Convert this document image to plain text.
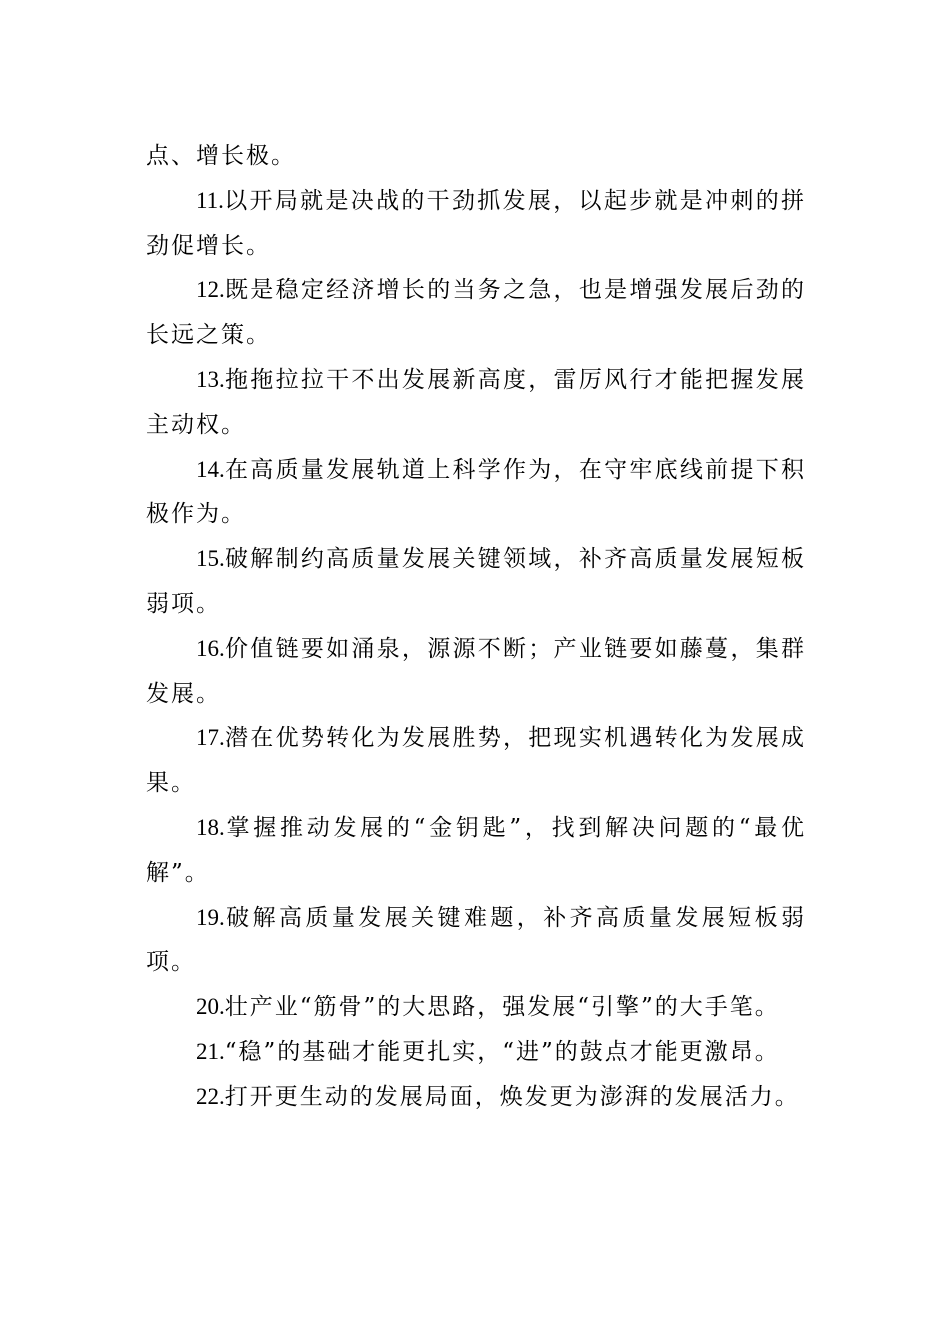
点、增长极。

11.以开局就是决战的干劲抓发展，以起步就是冲刺的拼劲促增长。

12.既是稳定经济增长的当务之急，也是增强发展后劲的长远之策。

13.拖拖拉拉干不出发展新高度，雷厉风行才能把握发展主动权。

14.在高质量发展轨道上科学作为，在守牢底线前提下积极作为。

15.破解制约高质量发展关键领域，补齐高质量发展短板弱项。

16.价值链要如涌泉，源源不断；产业链要如藤蔓，集群发展。

17.潜在优势转化为发展胜势，把现实机遇转化为发展成果。

18.掌握推动发展的“金钥匙”，找到解决问题的“最优解”。

19.破解高质量发展关键难题，补齐高质量发展短板弱项。

20.壮产业“筋骨”的大思路，强发展“引擎”的大手笔。

21.“稳”的基础才能更扎实，“进”的鼓点才能更激昂。

22.打开更生动的发展局面，焕发更为澎湃的发展活力。
